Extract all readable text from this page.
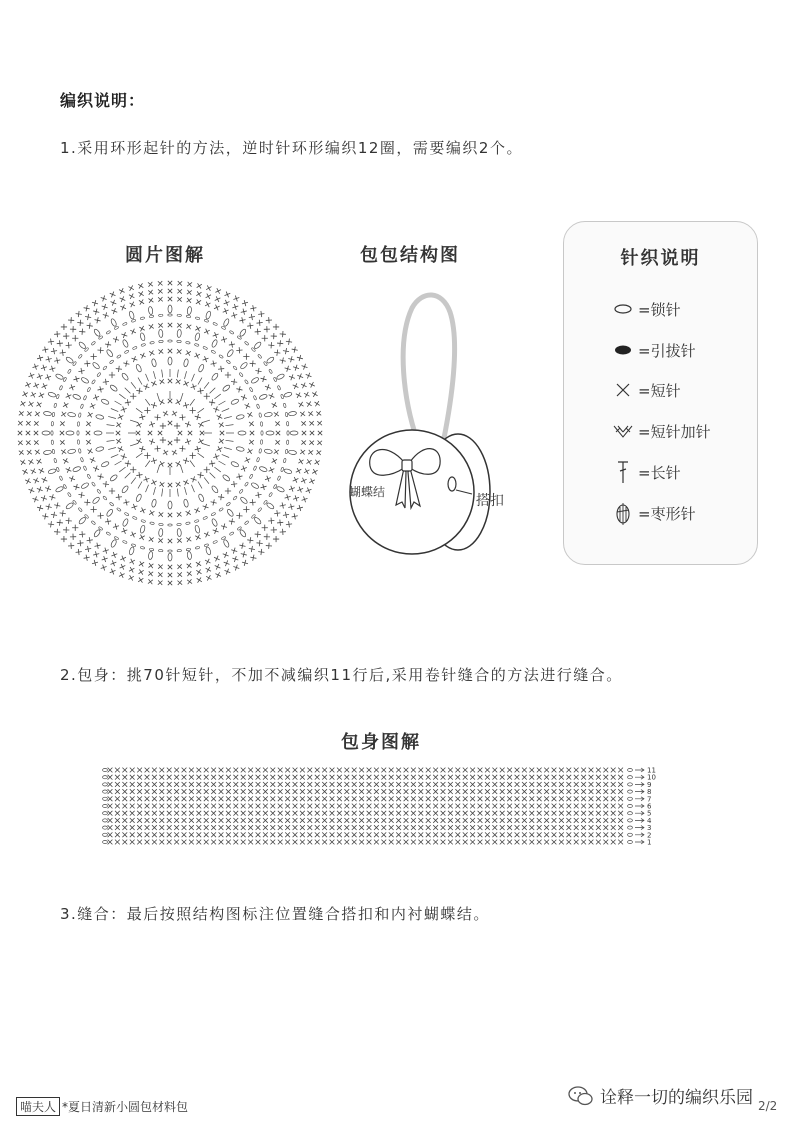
编织说明：
1.采用环形起针的方法，逆时针环形编织12圈，需要编织2个。
圆片图解	包包结构图
蝴蝶结
搭扣
针织说明
=锁针
=引拔针
=短针
=短针加针
=长针
=枣形针
2.包身：挑70针短针，不加不减编织11行后,采用卷针缝合的方法进行缝合。
包身图解
11
10
9
8
7
6
5
4
3
2
1
3.缝合：最后按照结构图标注位置缝合搭扣和内衬蝴蝶结。
喵夫人 *夏日清新小圆包材料包	诠释一切的编织乐园 2/2
